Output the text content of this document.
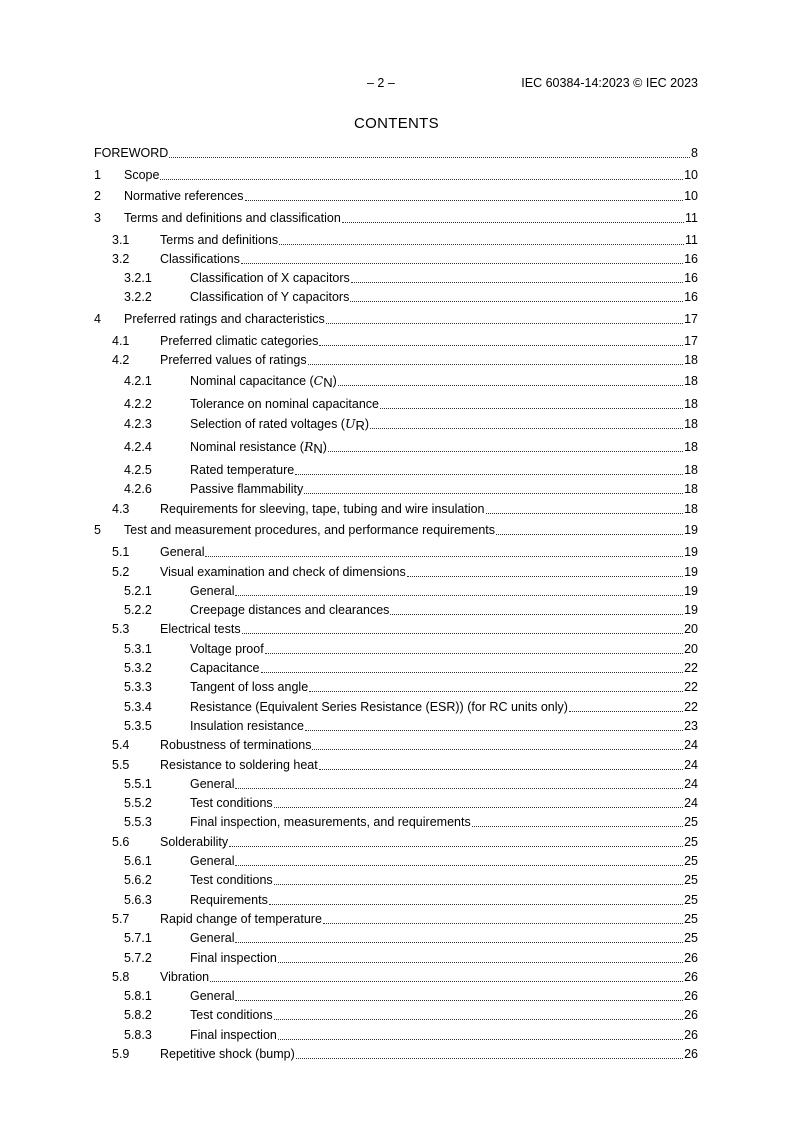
– 2 –	IEC 60384-14:2023 © IEC 2023
CONTENTS
FOREWORD	8
1	Scope	10
2	Normative references	10
3	Terms and definitions and classification	11
3.1	Terms and definitions	11
3.2	Classifications	16
3.2.1	Classification of X capacitors	16
3.2.2	Classification of Y capacitors	16
4	Preferred ratings and characteristics	17
4.1	Preferred climatic categories	17
4.2	Preferred values of ratings	18
4.2.1	Nominal capacitance (CN)	18
4.2.2	Tolerance on nominal capacitance	18
4.2.3	Selection of rated voltages (UR)	18
4.2.4	Nominal resistance (RN)	18
4.2.5	Rated temperature	18
4.2.6	Passive flammability	18
4.3	Requirements for sleeving, tape, tubing and wire insulation	18
5	Test and measurement procedures, and performance requirements	19
5.1	General	19
5.2	Visual examination and check of dimensions	19
5.2.1	General	19
5.2.2	Creepage distances and clearances	19
5.3	Electrical tests	20
5.3.1	Voltage proof	20
5.3.2	Capacitance	22
5.3.3	Tangent of loss angle	22
5.3.4	Resistance (Equivalent Series Resistance (ESR)) (for RC units only)	22
5.3.5	Insulation resistance	23
5.4	Robustness of terminations	24
5.5	Resistance to soldering heat	24
5.5.1	General	24
5.5.2	Test conditions	24
5.5.3	Final inspection, measurements, and requirements	25
5.6	Solderability	25
5.6.1	General	25
5.6.2	Test conditions	25
5.6.3	Requirements	25
5.7	Rapid change of temperature	25
5.7.1	General	25
5.7.2	Final inspection	26
5.8	Vibration	26
5.8.1	General	26
5.8.2	Test conditions	26
5.8.3	Final inspection	26
5.9	Repetitive shock (bump)	26
